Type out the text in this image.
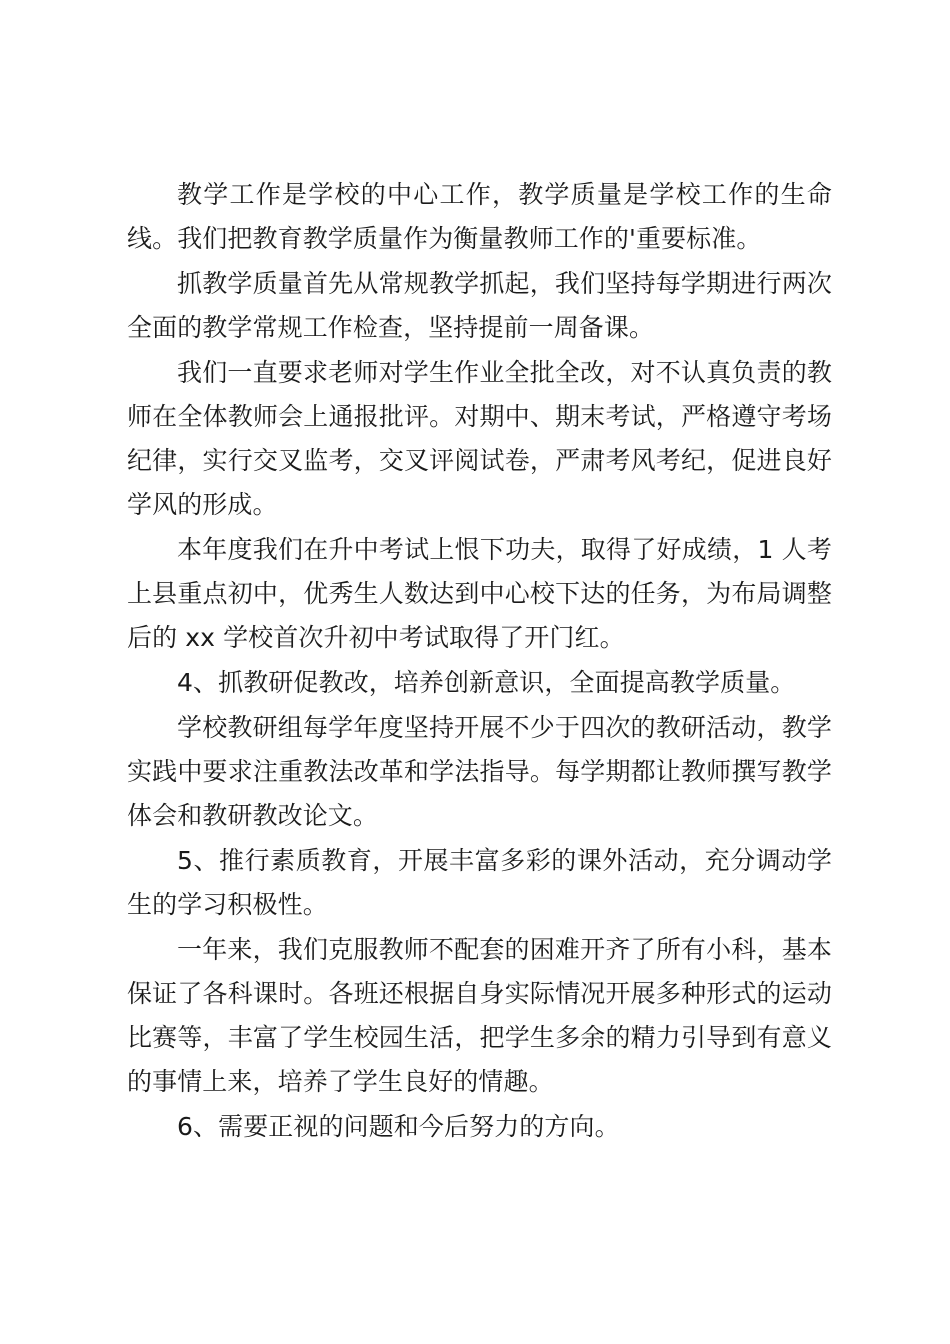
教学工作是学校的中心工作，教学质量是学校工作的生命线。我们把教育教学质量作为衡量教师工作的'重要标准。

抓教学质量首先从常规教学抓起，我们坚持每学期进行两次全面的教学常规工作检查，坚持提前一周备课。

我们一直要求老师对学生作业全批全改，对不认真负责的教师在全体教师会上通报批评。对期中、期末考试，严格遵守考场纪律，实行交叉监考，交叉评阅试卷，严肃考风考纪，促进良好学风的形成。

本年度我们在升中考试上恨下功夫，取得了好成绩，1 人考上县重点初中，优秀生人数达到中心校下达的任务，为布局调整后的 xx 学校首次升初中考试取得了开门红。

4、抓教研促教改，培养创新意识，全面提高教学质量。

学校教研组每学年度坚持开展不少于四次的教研活动，教学实践中要求注重教法改革和学法指导。每学期都让教师撰写教学体会和教研教改论文。

5、推行素质教育，开展丰富多彩的课外活动，充分调动学生的学习积极性。

一年来，我们克服教师不配套的困难开齐了所有小科，基本保证了各科课时。各班还根据自身实际情况开展多种形式的运动比赛等，丰富了学生校园生活，把学生多余的精力引导到有意义的事情上来，培养了学生良好的情趣。

6、需要正视的问题和今后努力的方向。
